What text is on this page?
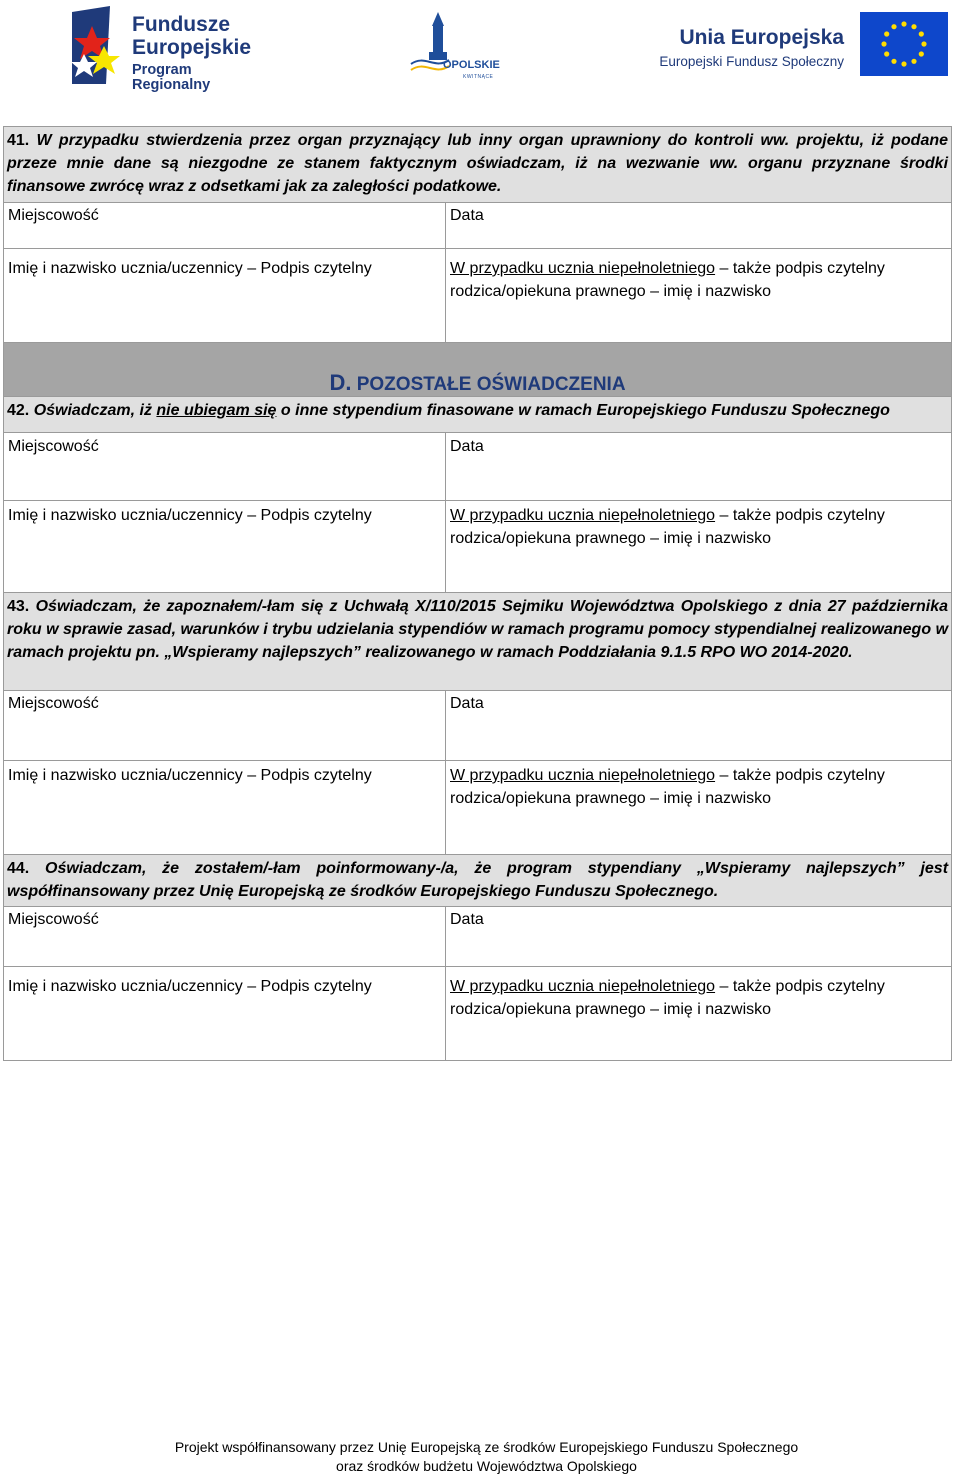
Fundusze
Europejskie
Program Regionalny
OPOLSKIE
KWITNĄCE
Unia Europejska
Europejski Fundusz Społeczny
41. W przypadku stwierdzenia przez organ przyznający lub inny organ uprawniony do kontroli ww. projektu, iż podane przeze mnie dane są niezgodne ze stanem faktycznym oświadczam, iż na wezwanie ww. organu przyznane środki finansowe zwrócę wraz z odsetkami jak za zaległości podatkowe.	
Miejscowość	Data
Imię i nazwisko ucznia/uczennicy – Podpis czytelny	W przypadku ucznia niepełnoletniego – także podpis czytelny
rodzica/opiekuna prawnego – imię i nazwisko
D. POZOSTAŁE OŚWIADCZENIA	
42. Oświadczam, iż nie ubiegam się o inne stypendium finasowane w ramach Europejskiego Funduszu Społecznego	
Miejscowość	Data
Imię i nazwisko ucznia/uczennicy – Podpis czytelny	W przypadku ucznia niepełnoletniego – także podpis czytelny
rodzica/opiekuna prawnego – imię i nazwisko
43. Oświadczam, że zapoznałem/-łam się z Uchwałą X/110/2015 Sejmiku Województwa Opolskiego z dnia 27 października roku w sprawie zasad, warunków i trybu udzielania stypendiów w ramach programu pomocy stypendialnej realizowanego w ramach projektu pn. „Wspieramy najlepszych” realizowanego w ramach Poddziałania 9.1.5 RPO WO 2014-2020.	
Miejscowość	Data
Imię i nazwisko ucznia/uczennicy – Podpis czytelny	W przypadku ucznia niepełnoletniego – także podpis czytelny
rodzica/opiekuna prawnego – imię i nazwisko
44. Oświadczam, że zostałem/-łam poinformowany-/a, że program stypendiany „Wspieramy najlepszych” jest współfinansowany przez Unię Europejską ze środków Europejskiego Funduszu Społecznego.	
Miejscowość	Data
Imię i nazwisko ucznia/uczennicy – Podpis czytelny	W przypadku ucznia niepełnoletniego – także podpis czytelny
rodzica/opiekuna prawnego – imię i nazwisko
Projekt współfinansowany przez Unię Europejską ze środków Europejskiego Funduszu Społecznego
oraz środków budżetu Województwa Opolskiego
